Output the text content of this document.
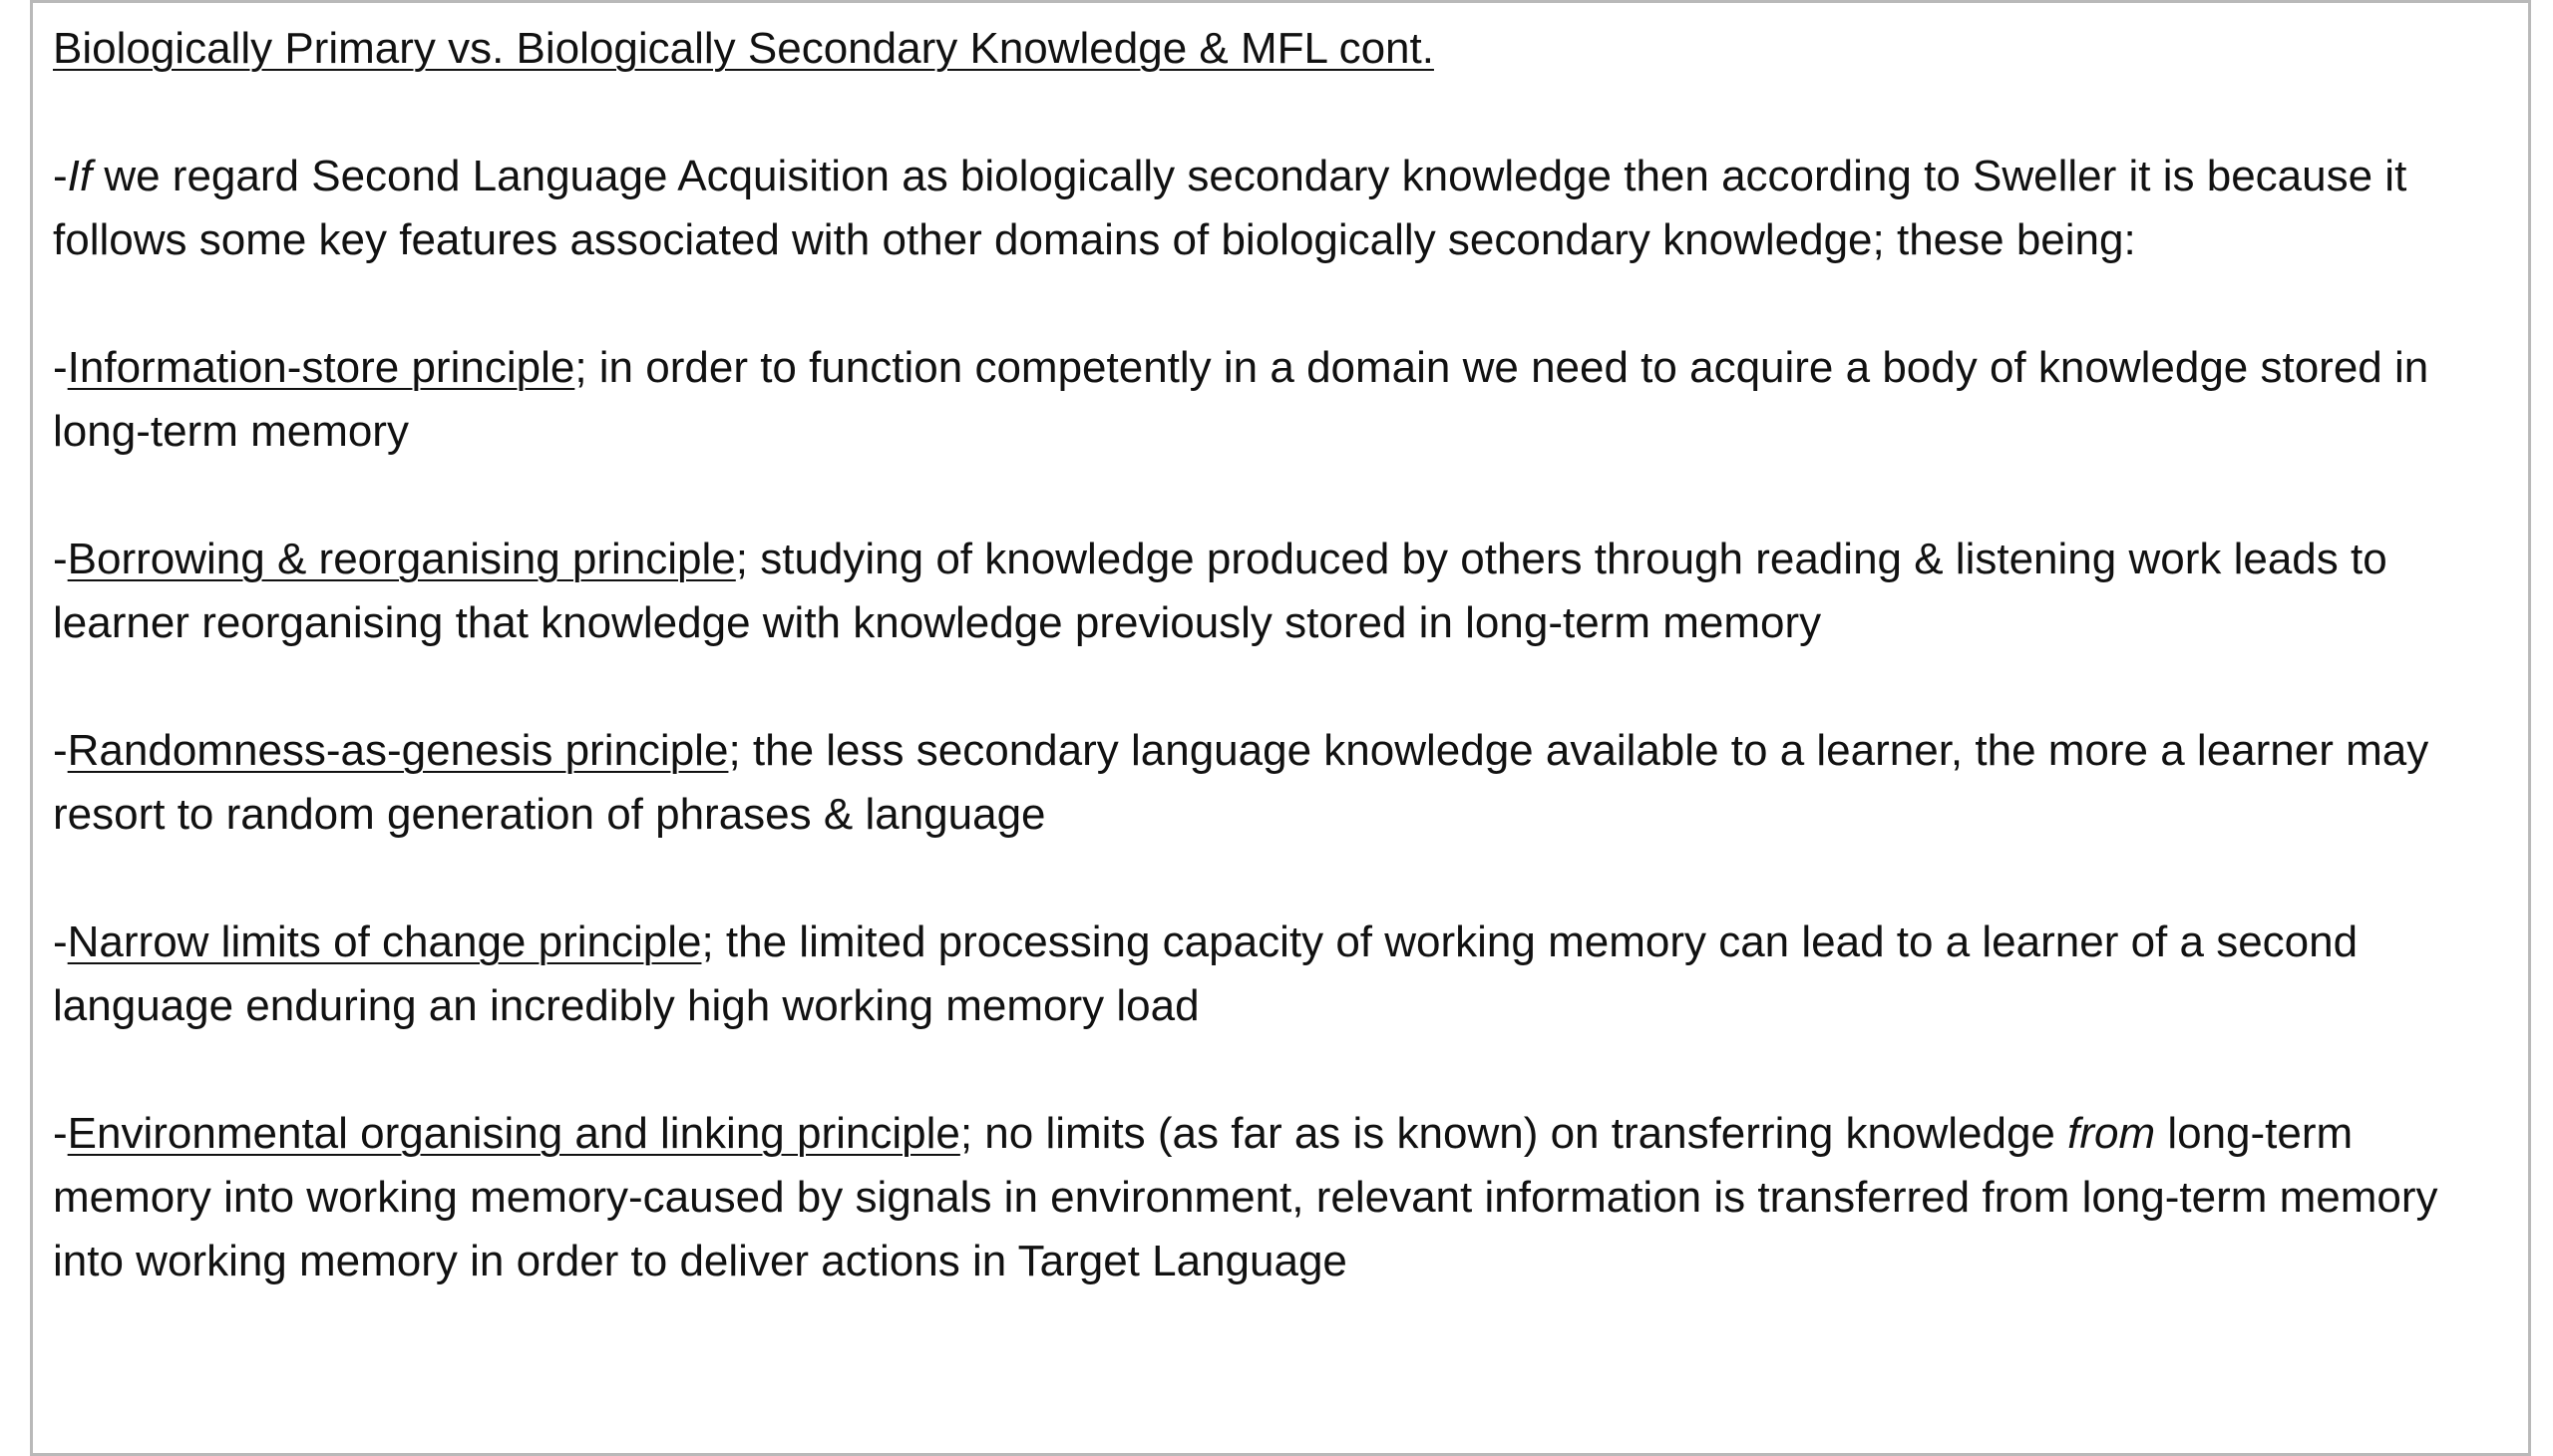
Biologically Primary vs. Biologically Secondary Knowledge & MFL cont.

-If we regard Second Language Acquisition as biologically secondary knowledge then according to Sweller it is because it follows some key features associated with other domains of biologically secondary knowledge; these being:

-Information-store principle; in order to function competently in a domain we need to acquire a body of knowledge stored in long-term memory

-Borrowing & reorganising principle; studying of knowledge produced by others through reading & listening work leads to learner reorganising that knowledge with knowledge previously stored in long-term memory

-Randomness-as-genesis principle; the less secondary language knowledge available to a learner, the more a learner may resort to random generation of phrases & language

-Narrow limits of change principle; the limited processing capacity of working memory can lead to a learner of a second language enduring an incredibly high working memory load

-Environmental organising and linking principle; no limits (as far as is known) on transferring knowledge from long-term memory into working memory-caused by signals in environment, relevant information is transferred from long-term memory into working memory in order to deliver actions in Target Language
